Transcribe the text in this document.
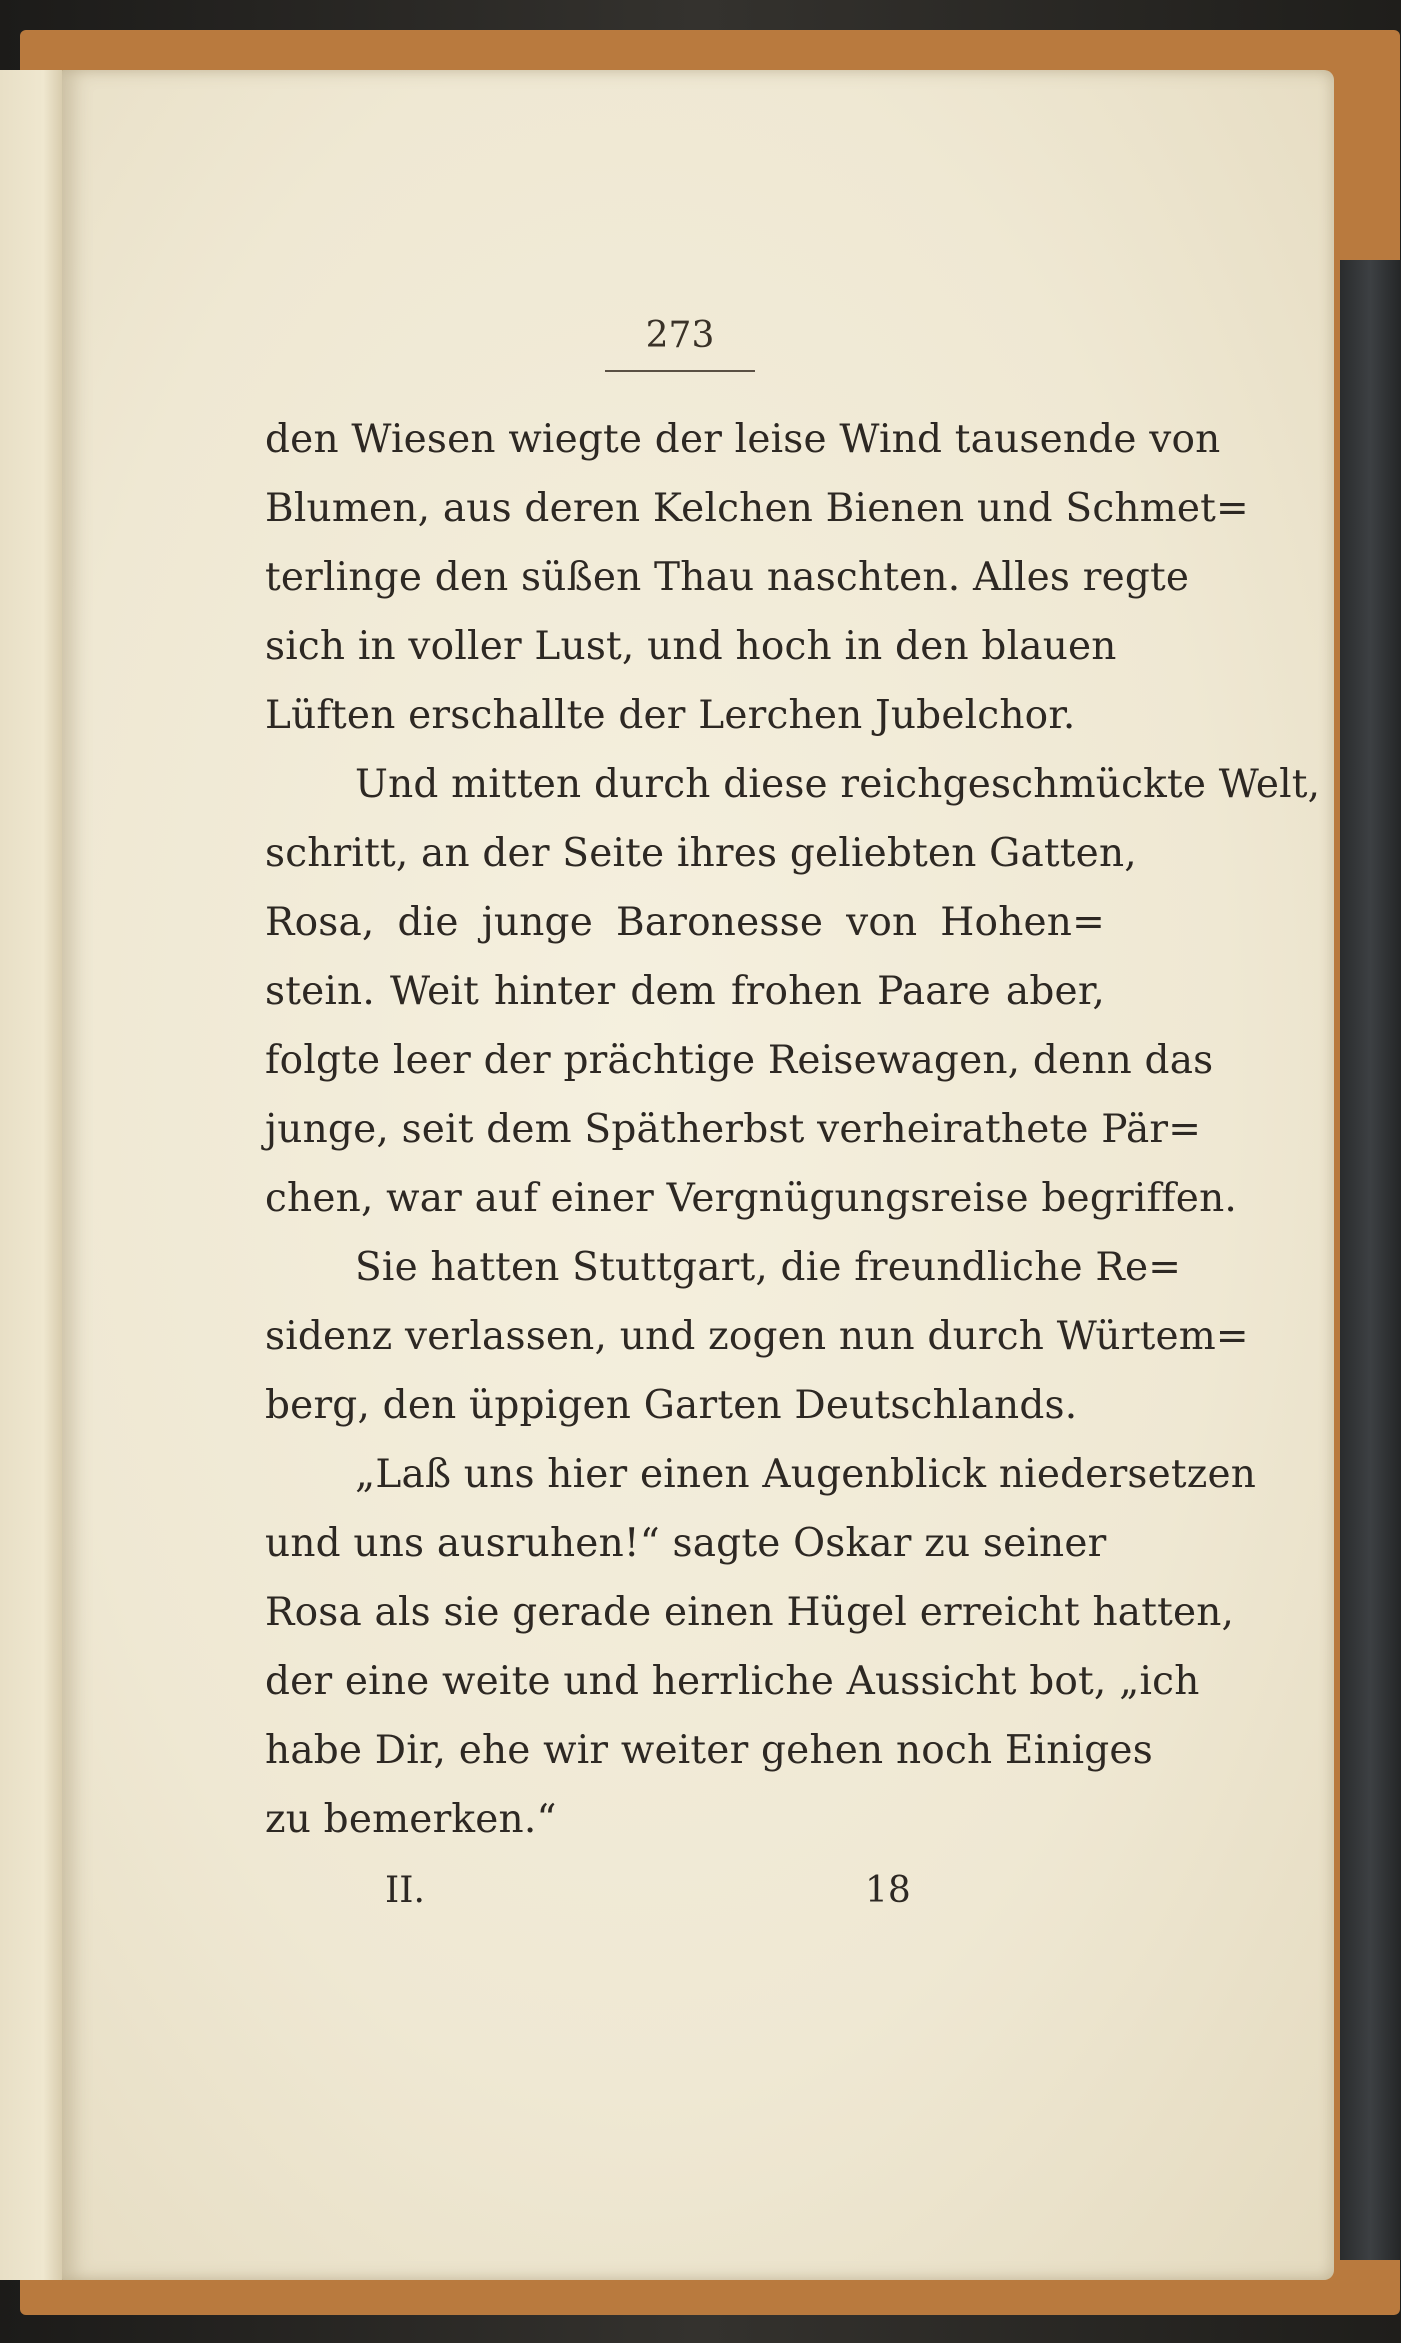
273
den Wiesen wiegte der leise Wind tausende von
Blumen, aus deren Kelchen Bienen und Schmet=
terlinge den süßen Thau naschten. Alles regte
sich in voller Lust, und hoch in den blauen
Lüften erschallte der Lerchen Jubelchor.
Und mitten durch diese reichgeschmückte Welt,
schritt, an der Seite ihres geliebten Gatten,
Rosa, die junge Baronesse von Hohen=
stein. Weit hinter dem frohen Paare aber,
folgte leer der prächtige Reisewagen, denn das
junge, seit dem Spätherbst verheirathete Pär=
chen, war auf einer Vergnügungsreise begriffen.
Sie hatten Stuttgart, die freundliche Re=
sidenz verlassen, und zogen nun durch Würtem=
berg, den üppigen Garten Deutschlands.
„Laß uns hier einen Augenblick niedersetzen
und uns ausruhen!“ sagte Oskar zu seiner
Rosa als sie gerade einen Hügel erreicht hatten,
der eine weite und herrliche Aussicht bot, „ich
habe Dir, ehe wir weiter gehen noch Einiges
zu bemerken.“
II.	18
